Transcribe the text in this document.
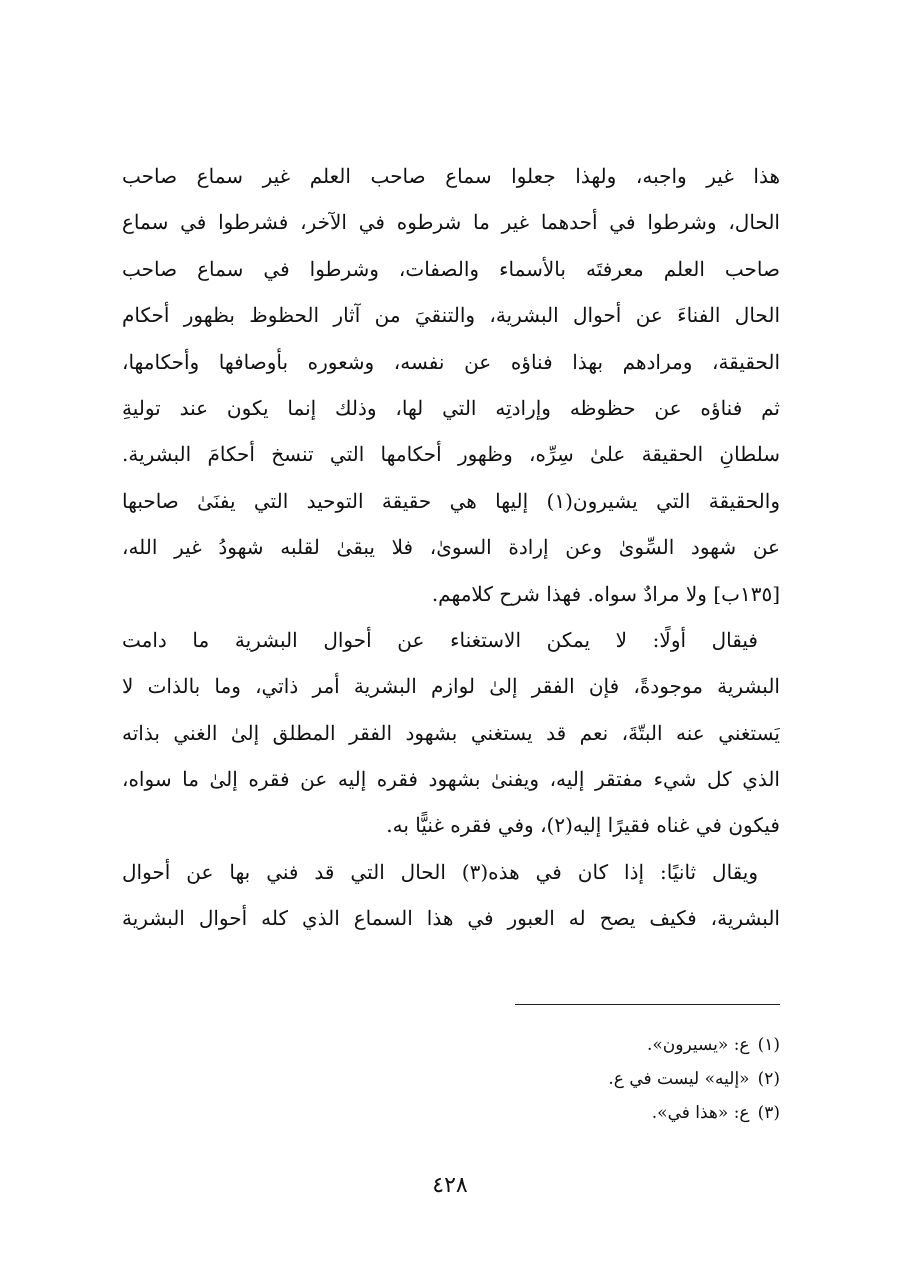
هذا غير واجبه، ولهذا جعلوا سماع صاحب العلم غير سماع صاحب
الحال، وشرطوا في أحدهما غير ما شرطوه في الآخر، فشرطوا في سماع
صاحب العلم معرفتَه بالأسماء والصفات، وشرطوا في سماع صاحب
الحال الفناءَ عن أحوال البشرية، والتنقيَ من آثار الحظوظ بظهور أحكام
الحقيقة، ومرادهم بهذا فناؤه عن نفسه، وشعوره بأوصافها وأحكامها،
ثم فناؤه عن حظوظه وإرادتِه التي لها، وذلك إنما يكون عند توليةِ
سلطانِ الحقيقة علىٰ سِرِّه، وظهور أحكامها التي تنسخ أحكامَ البشرية.
والحقيقة التي يشيرون(١) إليها هي حقيقة التوحيد التي يفنَىٰ صاحبها
عن شهود السِّوىٰ وعن إرادة السوىٰ، فلا يبقىٰ لقلبه شهودُ غير الله،
[١٣٥ب] ولا مرادٌ سواه. فهذا شرح كلامهم.
فيقال أولًا: لا يمكن الاستغناء عن أحوال البشرية ما دامت
البشرية موجودةً، فإن الفقر إلىٰ لوازم البشرية أمر ذاتي، وما بالذات لا
يَستغني عنه البتّةَ، نعم قد يستغني بشهود الفقر المطلق إلىٰ الغني بذاته
الذي كل شيء مفتقر إليه، ويفنىٰ بشهود فقره إليه عن فقره إلىٰ ما سواه،
فيكون في غناه فقيرًا إليه(٢)، وفي فقره غنيًّا به.
ويقال ثانيًا: إذا كان في هذه(٣) الحال التي قد فني بها عن أحوال
البشرية، فكيف يصح له العبور في هذا السماع الذي كله أحوال البشرية
(١)ع: «يسيرون».
(٢)«إليه» ليست في ع.
(٣)ع: «هذا في».
٤٢٨
